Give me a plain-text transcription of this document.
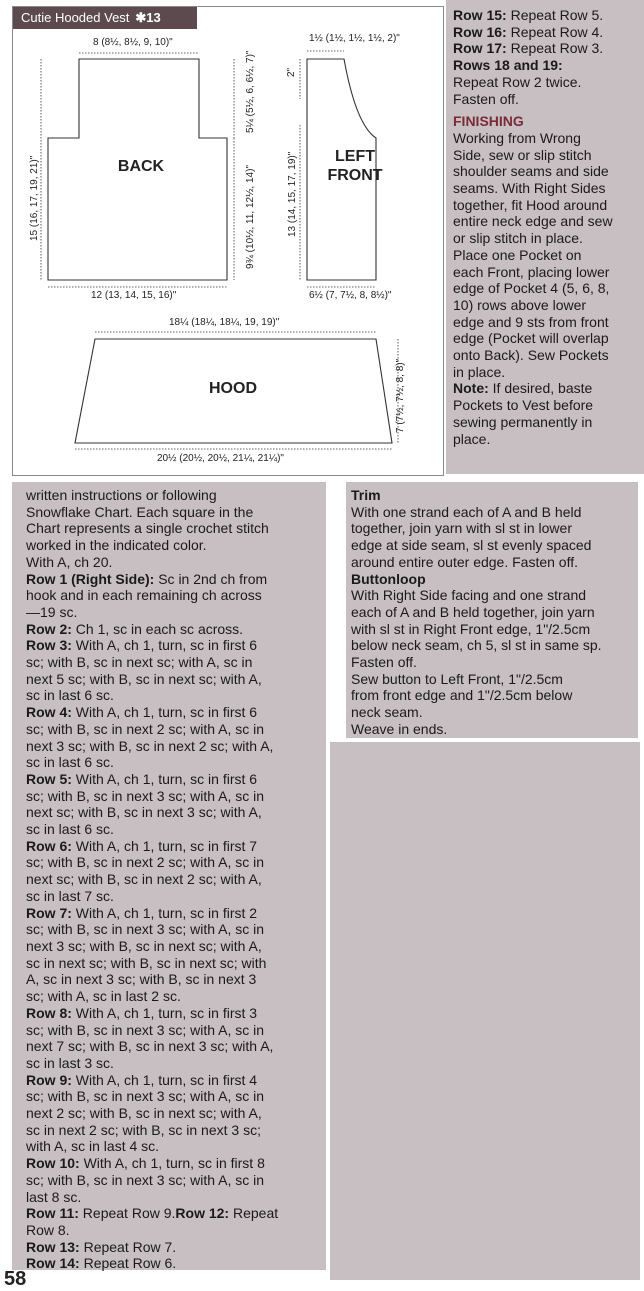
Cutie Hooded Vest ✱13
8 (8½, 8½, 9, 10)"
5¼ (5½, 6, 6½, 7)"
9¾ (10½, 11, 12½, 14)"
15 (16, 17, 19, 21)"
12 (13, 14, 15, 16)"
BACK
1½ (1½, 1½, 1½, 2)"
2"
13 (14, 15, 17, 19)"
6½ (7, 7½, 8, 8½)"
LEFT
FRONT
18¼ (18¼, 18¼, 19, 19)"
7 (7½, 7½, 8, 8)"
20½ (20½, 20½, 21¼, 21¼)"
HOOD

Row 15: Repeat Row 5.

Row 16: Repeat Row 4.

Row 17: Repeat Row 3.

Rows 18 and 19:

Repeat Row 2 twice.

Fasten off.

FINISHING

Working from Wrong

Side, sew or slip stitch

shoulder seams and side

seams. With Right Sides

together, fit Hood around

entire neck edge and sew

or slip stitch in place.

Place one Pocket on

each Front, placing lower

edge of Pocket 4 (5, 6, 8,

10) rows above lower

edge and 9 sts from front

edge (Pocket will overlap

onto Back). Sew Pockets

in place.

Note: If desired, baste

Pockets to Vest before

sewing permanently in

place.

written instructions or following

Snowflake Chart. Each square in the

Chart represents a single crochet stitch

worked in the indicated color.

With A, ch 20.

Row 1 (Right Side): Sc in 2nd ch from

hook and in each remaining ch across

—19 sc.

Row 2: Ch 1, sc in each sc across.

Row 3: With A, ch 1, turn, sc in first 6

sc; with B, sc in next sc; with A, sc in

next 5 sc; with B, sc in next sc; with A,

sc in last 6 sc.

Row 4: With A, ch 1, turn, sc in first 6

sc; with B, sc in next 2 sc; with A, sc in

next 3 sc; with B, sc in next 2 sc; with A,

sc in last 6 sc.

Row 5: With A, ch 1, turn, sc in first 6

sc; with B, sc in next 3 sc; with A, sc in

next sc; with B, sc in next 3 sc; with A,

sc in last 6 sc.

Row 6: With A, ch 1, turn, sc in first 7

sc; with B, sc in next 2 sc; with A, sc in

next sc; with B, sc in next 2 sc; with A,

sc in last 7 sc.

Row 7: With A, ch 1, turn, sc in first 2

sc; with B, sc in next 3 sc; with A, sc in

next 3 sc; with B, sc in next sc; with A,

sc in next sc; with B, sc in next sc; with

A, sc in next 3 sc; with B, sc in next 3

sc; with A, sc in last 2 sc.

Row 8: With A, ch 1, turn, sc in first 3

sc; with B, sc in next 3 sc; with A, sc in

next 7 sc; with B, sc in next 3 sc; with A,

sc in last 3 sc.

Row 9: With A, ch 1, turn, sc in first 4

sc; with B, sc in next 3 sc; with A, sc in

next 2 sc; with B, sc in next sc; with A,

sc in next 2 sc; with B, sc in next 3 sc;

with A, sc in last 4 sc.

Row 10: With A, ch 1, turn, sc in first 8

sc; with B, sc in next 3 sc; with A, sc in

last 8 sc.

Row 11: Repeat Row 9.Row 12: Repeat

Row 8.

Row 13: Repeat Row 7.

Row 14: Repeat Row 6.

Trim

With one strand each of A and B held

together, join yarn with sl st in lower

edge at side seam, sl st evenly spaced

around entire outer edge. Fasten off.

Buttonloop

With Right Side facing and one strand

each of A and B held together, join yarn

with sl st in Right Front edge, 1"/2.5cm

below neck seam, ch 5, sl st in same sp.

Fasten off.

Sew button to Left Front, 1"/2.5cm

from front edge and 1"/2.5cm below

neck seam.

Weave in ends.

58
